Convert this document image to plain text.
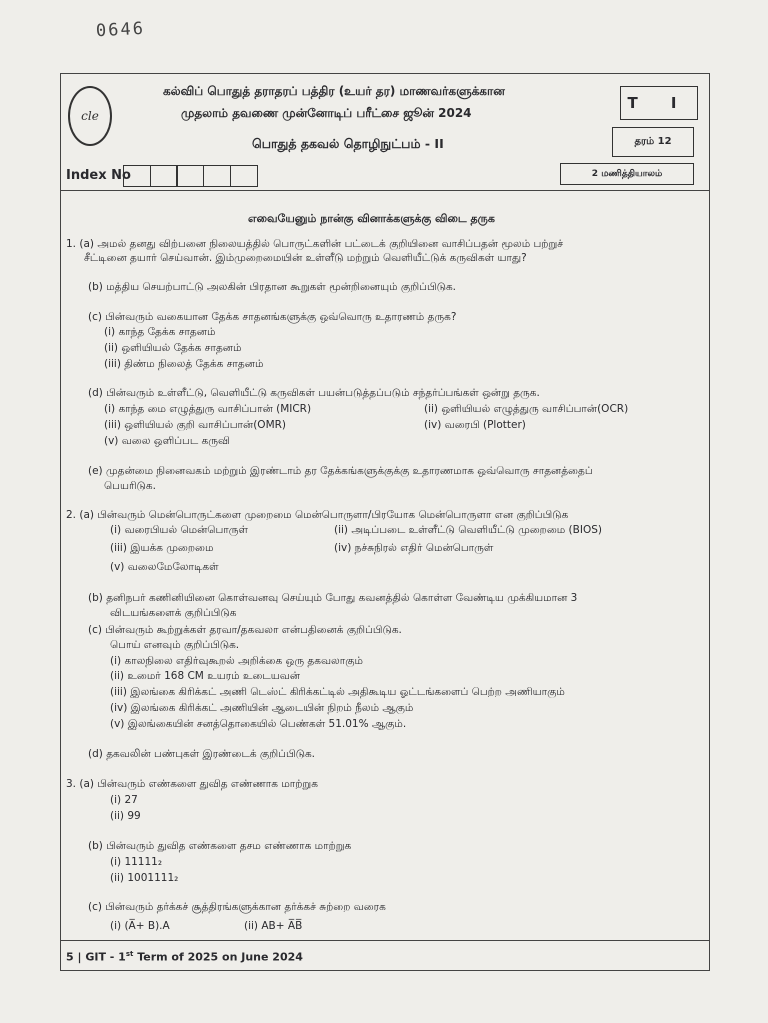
0646
cle
கல்விப் பொதுத் தராதரப் பத்திர (உயர் தர) மாணவர்களுக்கான
முதலாம் தவணை முன்னோடிப் பரீட்சை ஜூன் 2024
பொதுத் தகவல் தொழிநுட்பம் - II
T I
தரம் 12
2 மணித்தியாலம்
Index No
எவையேனும் நான்கு வினாக்களுக்கு விடை தருக
1. (a) அமல் தனது விற்பனை நிலையத்தில் பொருட்களின் பட்டைக் குறியினை வாசிப்பதன் மூலம் பற்றுச்
சீட்டினை தயார் செய்வான். இம்முறைமையின் உள்ளீடு மற்றும் வெளியீட்டுக் கருவிகள் யாது?
(b) மத்திய செயற்பாட்டு அலகின் பிரதான கூறுகள் மூன்றினையும் குறிப்பிடுக.
(c) பின்வரும் வகையான தேக்க சாதனங்களுக்கு ஒவ்வொரு உதாரணம் தருக?
(i) காந்த தேக்க சாதனம்
(ii) ஒளியியல் தேக்க சாதனம்
(iii) திண்ம நிலைத் தேக்க சாதனம்
(d) பின்வரும் உள்ளீட்டு, வெளியீட்டு கருவிகள் பயன்படுத்தப்படும் சந்தர்ப்பங்கள் ஒன்று தருக.
(i) காந்த மை எழுத்துரு வாசிப்பான் (MICR)	(ii) ஒளியியல் எழுத்துரு வாசிப்பான்(OCR)
(iii) ஒளியியல் குறி வாசிப்பான்(OMR)	(iv) வரைபி (Plotter)
(v) வலை ஒளிப்பட கருவி
(e) முதன்மை நினைவகம் மற்றும் இரண்டாம் தர தேக்கங்களுக்குக்கு உதாரணமாக ஒவ்வொரு சாதனத்தைப்
பெயரிடுக.
2. (a) பின்வரும் மென்பொருட்களை முறைமை மென்பொருளா/பிரயோக மென்பொருளா என குறிப்பிடுக
(i) வரைபியல் மென்பொருள்	(ii) அடிப்படை உள்ளீட்டு வெளியீட்டு முறைமை (BIOS)
(iii) இயக்க முறைமை	(iv) நச்சுநிரல் எதிர் மென்பொருள்
(v) வலைமேலோடிகள்
(b) தனிநபர் கணினியினை கொள்வனவு செய்யும் போது கவனத்தில் கொள்ள வேண்டிய முக்கியமான 3
விடயங்களைக் குறிப்பிடுக
(c) பின்வரும் கூற்றுக்கள் தரவா/தகவலா என்பதினைக் குறிப்பிடுக.
பொய் எனவும் குறிப்பிடுக.
(i) காலநிலை எதிர்வுகூறல் அறிக்கை ஒரு தகவலாகும்
(ii) உமைர் 168 CM உயரம் உடையவன்
(iii) இலங்கை கிரிக்கட் அணி டெஸ்ட் கிரிக்கட்டில் அதிகூடிய ஓட்டங்களைப் பெற்ற அணியாகும்
(iv) இலங்கை கிரிக்கட் அணியின் ஆடையின் நிறம் நீலம் ஆகும்
(v) இலங்கையின் சனத்தொகையில் பெண்கள் 51.01% ஆகும்.
(d) தகவலின் பண்புகள் இரண்டைக் குறிப்பிடுக.
3. (a) பின்வரும் எண்களை துவித எண்ணாக மாற்றுக
(i) 27
(ii) 99
(b) பின்வரும் துவித எண்களை தசம எண்ணாக மாற்றுக
(i) 11111₂
(ii) 1001111₂
(c) பின்வரும் தர்க்கச் சூத்திரங்களுக்கான தர்க்கச் சுற்றை வரைக
(i) (A̅+ B).A	(ii) AB+ A̅B̅
5 | GIT - 1st Term of 2025 on June 2024
